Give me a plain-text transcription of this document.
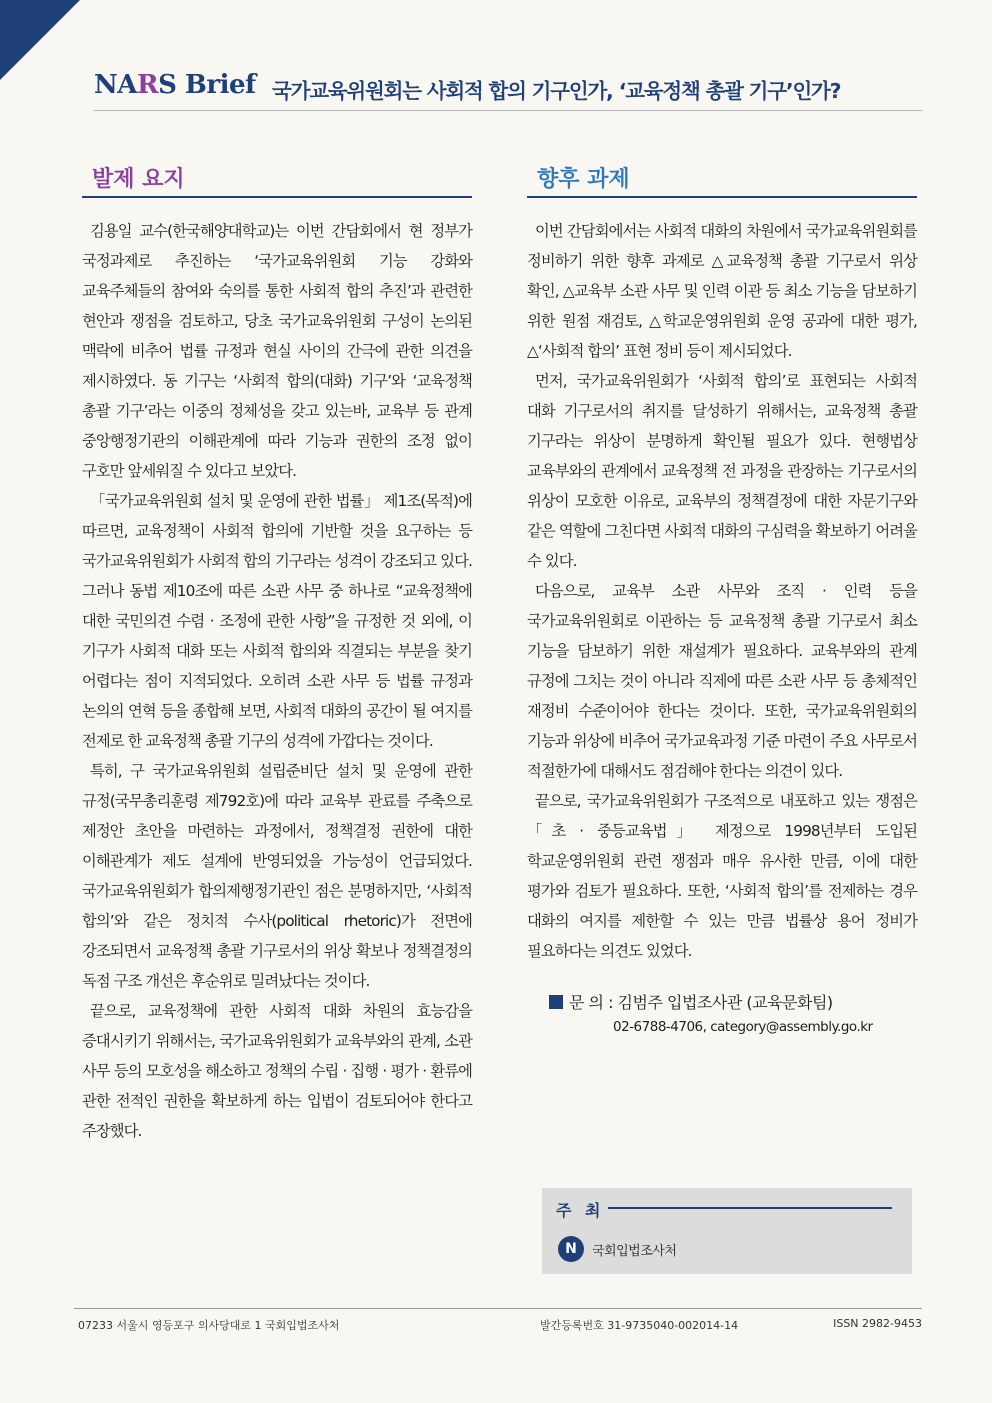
NARS Brief 국가교육위원회는 사회적 합의 기구인가, ‘교육정책 총괄 기구’인가?
발제 요지

김용일 교수(한국해양대학교)는 이번 간담회에서 현 정부가 국정과제로 추진하는 ‘국가교육위원회 기능 강화와 교육주체들의 참여와 숙의를 통한 사회적 합의 추진’과 관련한 현안과 쟁점을 검토하고, 당초 국가교육위원회 구성이 논의된 맥락에 비추어 법률 규정과 현실 사이의 간극에 관한 의견을 제시하였다. 동 기구는 ‘사회적 합의(대화) 기구’와 ‘교육정책 총괄 기구’라는 이중의 정체성을 갖고 있는바, 교육부 등 관계 중앙행정기관의 이해관계에 따라 기능과 권한의 조정 없이 구호만 앞세워질 수 있다고 보았다.

「국가교육위원회 설치 및 운영에 관한 법률」 제1조(목적)에 따르면, 교육정책이 사회적 합의에 기반할 것을 요구하는 등 국가교육위원회가 사회적 합의 기구라는 성격이 강조되고 있다. 그러나 동법 제10조에 따른 소관 사무 중 하나로 “교육정책에 대한 국민의견 수렴 · 조정에 관한 사항”을 규정한 것 외에, 이 기구가 사회적 대화 또는 사회적 합의와 직결되는 부분을 찾기 어렵다는 점이 지적되었다. 오히려 소관 사무 등 법률 규정과 논의의 연혁 등을 종합해 보면, 사회적 대화의 공간이 될 여지를 전제로 한 교육정책 총괄 기구의 성격에 가깝다는 것이다.

특히, 구 국가교육위원회 설립준비단 설치 및 운영에 관한 규정(국무총리훈령 제792호)에 따라 교육부 관료를 주축으로 제정안 초안을 마련하는 과정에서, 정책결정 권한에 대한 이해관계가 제도 설계에 반영되었을 가능성이 언급되었다. 국가교육위원회가 합의제행정기관인 점은 분명하지만, ‘사회적 합의’와 같은 정치적 수사(political rhetoric)가 전면에 강조되면서 교육정책 총괄 기구로서의 위상 확보나 정책결정의 독점 구조 개선은 후순위로 밀려났다는 것이다.

끝으로, 교육정책에 관한 사회적 대화 차원의 효능감을 증대시키기 위해서는, 국가교육위원회가 교육부와의 관계, 소관 사무 등의 모호성을 해소하고 정책의 수립 · 집행 · 평가 · 환류에 관한 전적인 권한을 확보하게 하는 입법이 검토되어야 한다고 주장했다.

향후 과제

이번 간담회에서는 사회적 대화의 차원에서 국가교육위원회를 정비하기 위한 향후 과제로 △교육정책 총괄 기구로서 위상 확인, △교육부 소관 사무 및 인력 이관 등 최소 기능을 담보하기 위한 원점 재검토, △학교운영위원회 운영 공과에 대한 평가, △‘사회적 합의’ 표현 정비 등이 제시되었다.

먼저, 국가교육위원회가 ‘사회적 합의’로 표현되는 사회적 대화 기구로서의 취지를 달성하기 위해서는, 교육정책 총괄 기구라는 위상이 분명하게 확인될 필요가 있다. 현행법상 교육부와의 관계에서 교육정책 전 과정을 관장하는 기구로서의 위상이 모호한 이유로, 교육부의 정책결정에 대한 자문기구와 같은 역할에 그친다면 사회적 대화의 구심력을 확보하기 어려울 수 있다.

다음으로, 교육부 소관 사무와 조직 · 인력 등을 국가교육위원회로 이관하는 등 교육정책 총괄 기구로서 최소 기능을 담보하기 위한 재설계가 필요하다. 교육부와의 관계 규정에 그치는 것이 아니라 직제에 따른 소관 사무 등 총체적인 재정비 수준이어야 한다는 것이다. 또한, 국가교육위원회의 기능과 위상에 비추어 국가교육과정 기준 마련이 주요 사무로서 적절한가에 대해서도 점검해야 한다는 의견이 있다.

끝으로, 국가교육위원회가 구조적으로 내포하고 있는 쟁점은 「초 · 중등교육법」 제정으로 1998년부터 도입된 학교운영위원회 관련 쟁점과 매우 유사한 만큼, 이에 대한 평가와 검토가 필요하다. 또한, ‘사회적 합의’를 전제하는 경우 대화의 여지를 제한할 수 있는 만큼 법률상 용어 정비가 필요하다는 의견도 있었다.

문 의 : 김범주 입법조사관 (교육문화팀)
02-6788-4706, category@assembly.go.kr
주 최
N	국회입법조사처
07233 서울시 영등포구 의사당대로 1 국회입법조사처	발간등록번호 31-9735040-002014-14	ISSN 2982-9453
